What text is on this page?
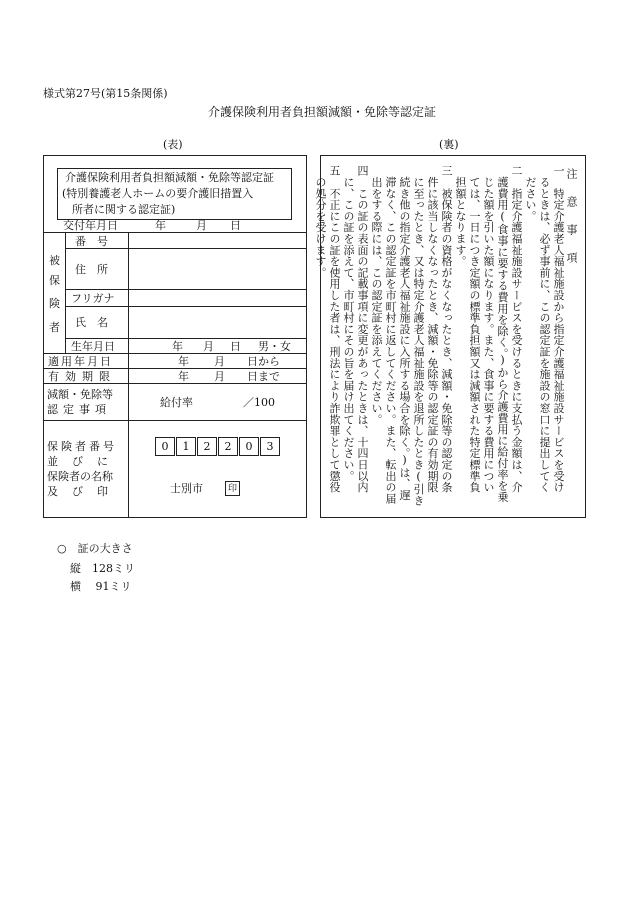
様式第27号(第15条関係)
介護保険利用者負担額減額・免除等認定証
(表)	(裏)
介護保険利用者負担額減額・免除等認定証
(特別養護老人ホームの要介護旧措置入
所者に関する認定証)
交付年月日	年	月 日
被
保
険
者
番　号
住　所
フリガナ
氏　名
生年月日	年 月 日 男・女
適用年月日	年 月 日から
有効期限	年 月 日まで
減額・免除等
認定事項
給付率	／100
保険者番号
並びに
保険者の名称
及び印
0	1	2	2	0	3
士別市	印
注　意　事　項
一　特定介護老人福祉施設から指定介護福祉施設サービスを受け
　るときは、必ず事前に、この認定証を施設の窓口に提出してく
　ださい。
二　指定介護福祉施設サービスを受けるときに支払う金額は、介
　護費用(食事に要する費用を除く。)から介護費用に給付率を乗
　じた額を引いた額になります。また、食事に要する費用につい
　ては、一日につき定額の標準負担額又は減額された特定標準負
　担額となります。
三　被保険者の資格がなくなったとき、減額・免除等の認定の条
　件に該当しなくなったとき、減額・免除等の認定証の有効期限
　に至ったとき、又は特定介護老人福祉施設を退所したとき(引き
　続き他の指定介護老人福祉施設に入所する場合を除く。)は、遅
　滞なく、この認定証を市町村に返してください。また、転出の届
　出をする際には、この認定証を添えてください。
四　この証の表面の記載事項に変更があったときは、十四日以内
　に、この証を添えて、市町村にその旨を届け出てください。
五　不正にこの証を使用した者は、刑法により詐欺罪として懲役
　の処分を受けます。
○　証の大きさ
縦　128ミリ
横　 91ミリ
